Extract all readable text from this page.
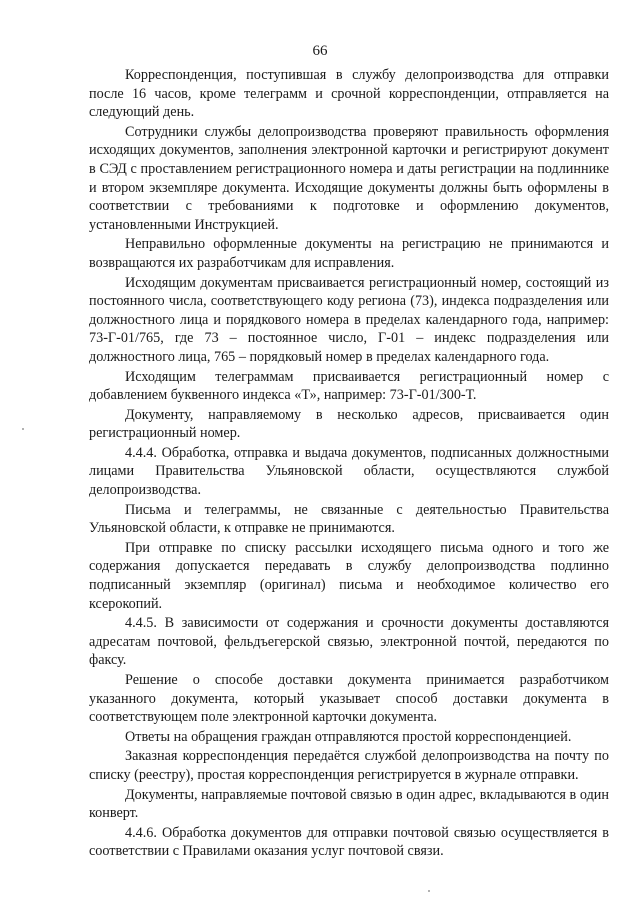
66

Корреспонденция, поступившая в службу делопроизводства для отправки после 16 часов, кроме телеграмм и срочной корреспонденции, отправляется на следующий день.

Сотрудники службы делопроизводства проверяют правильность оформления исходящих документов, заполнения электронной карточки и регистрируют документ в СЭД с проставлением регистрационного номера и даты регистрации на подлиннике и втором экземпляре документа. Исходящие документы должны быть оформлены в соответствии с требованиями к подготовке и оформлению документов, установленными Инструкцией.

Неправильно оформленные документы на регистрацию не принимаются и возвращаются их разработчикам для исправления.

Исходящим документам присваивается регистрационный номер, состоящий из постоянного числа, соответствующего коду региона (73), индекса подразделения или должностного лица и порядкового номера в пределах календарного года, например: 73-Г-01/765, где 73 – постоянное число, Г-01 – индекс подразделения или должностного лица, 765 – порядковый номер в пределах календарного года.

Исходящим телеграммам присваивается регистрационный номер с добавлением буквенного индекса «Т», например: 73-Г-01/300-Т.

Документу, направляемому в несколько адресов, присваивается один регистрационный номер.

4.4.4. Обработка, отправка и выдача документов, подписанных должностными лицами Правительства Ульяновской области, осуществляются службой делопроизводства.

Письма и телеграммы, не связанные с деятельностью Правительства Ульяновской области, к отправке не принимаются.

При отправке по списку рассылки исходящего письма одного и того же содержания допускается передавать в службу делопроизводства подлинно подписанный экземпляр (оригинал) письма и необходимое количество его ксерокопий.

4.4.5. В зависимости от содержания и срочности документы доставляются адресатам почтовой, фельдъегерской связью, электронной почтой, передаются по факсу.

Решение о способе доставки документа принимается разработчиком указанного документа, который указывает способ доставки документа в соответствующем поле электронной карточки документа.

Ответы на обращения граждан отправляются простой корреспонденцией.

Заказная корреспонденция передаётся службой делопроизводства на почту по списку (реестру), простая корреспонденция регистрируется в журнале отправки.

Документы, направляемые почтовой связью в один адрес, вкладываются в один конверт.

4.4.6. Обработка документов для отправки почтовой связью осуществляется в соответствии с Правилами оказания услуг почтовой связи.
